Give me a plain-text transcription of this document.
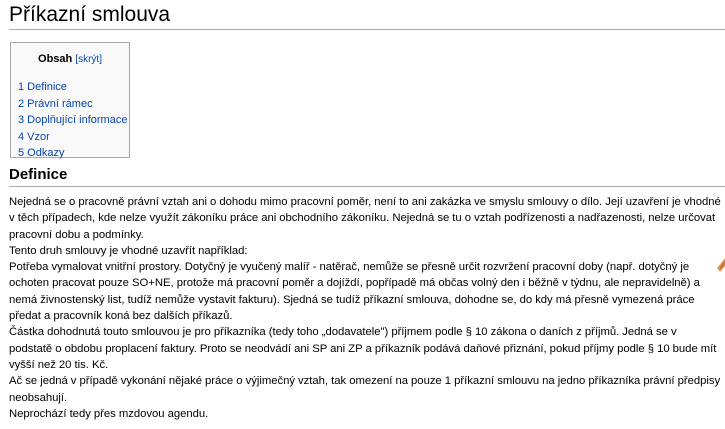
Příkazní smlouva
Obsah [skrýt]
1 Definice
2 Právní rámec
3 Doplňující informace
4 Vzor
5 Odkazy
Definice

Nejedná se o pracovně právní vztah ani o dohodu mimo pracovní poměr, není to ani zakázka ve smyslu smlouvy o dílo. Její uzavření je vhodné v těch případech, kde nelze využít zákoníku práce ani obchodního zákoníku. Nejedná se tu o vztah podřízenosti a nadřazenosti, nelze určovat pracovní dobu a podmínky.

Tento druh smlouvy je vhodné uzavřít například:

Potřeba vymalovat vnitřní prostory. Dotyčný je vyučený malíř - natěrač, nemůže se přesně určit rozvržení pracovní doby (např. dotyčný je ochoten pracovat pouze SO+NE, protože má pracovní poměr a dojíždí, popřípadě má občas volný den i běžně v týdnu, ale nepravidelně) a nemá živnostenský list, tudíž nemůže vystavit fakturu). Sjedná se tudíž příkazní smlouva, dohodne se, do kdy má přesně vymezená práce předat a pracovník koná bez dalších příkazů.

Částka dohodnutá touto smlouvou je pro příkazníka (tedy toho „dodavatele") příjmem podle § 10 zákona o daních z příjmů. Jedná se v podstatě o obdobu proplacení faktury. Proto se neodvádí ani SP ani ZP a příkazník podává daňové přiznání, pokud příjmy podle § 10 bude mít vyšší než 20 tis. Kč.

Ač se jedná v případě vykonání nějaké práce o výjimečný vztah, tak omezení na pouze 1 příkazní smlouvu na jedno příkazníka právní předpisy neobsahují.

Neprochází tedy přes mzdovou agendu.
